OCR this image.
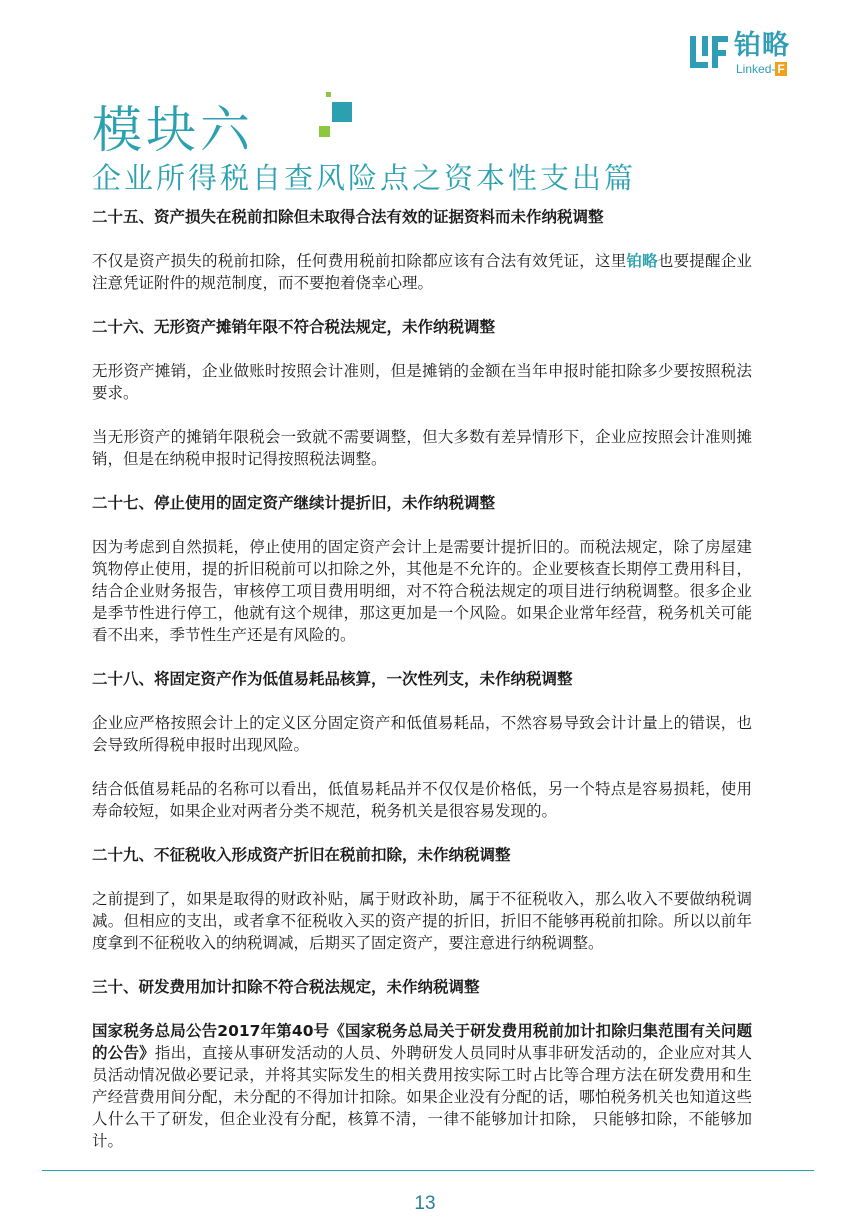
铂略
Linked- F
模块六
企业所得税自查风险点之资本性支出篇
二十五、资产损失在税前扣除但未取得合法有效的证据资料而未作纳税调整
不仅是资产损失的税前扣除，任何费用税前扣除都应该有合法有效凭证，这里铂略也要提醒企业注意凭证附件的规范制度，而不要抱着侥幸心理。
二十六、无形资产摊销年限不符合税法规定，未作纳税调整
无形资产摊销，企业做账时按照会计准则，但是摊销的金额在当年申报时能扣除多少要按照税法要求。
当无形资产的摊销年限税会一致就不需要调整，但大多数有差异情形下，企业应按照会计准则摊销，但是在纳税申报时记得按照税法调整。
二十七、停止使用的固定资产继续计提折旧，未作纳税调整
因为考虑到自然损耗，停止使用的固定资产会计上是需要计提折旧的。而税法规定，除了房屋建筑物停止使用，提的折旧税前可以扣除之外，其他是不允许的。企业要核查长期停工费用科目，结合企业财务报告，审核停工项目费用明细，对不符合税法规定的项目进行纳税调整。很多企业是季节性进行停工，他就有这个规律，那这更加是一个风险。如果企业常年经营，税务机关可能看不出来，季节性生产还是有风险的。
二十八、将固定资产作为低值易耗品核算，一次性列支，未作纳税调整
企业应严格按照会计上的定义区分固定资产和低值易耗品，不然容易导致会计计量上的错误，也会导致所得税申报时出现风险。
结合低值易耗品的名称可以看出，低值易耗品并不仅仅是价格低，另一个特点是容易损耗，使用寿命较短，如果企业对两者分类不规范，税务机关是很容易发现的。
二十九、不征税收入形成资产折旧在税前扣除，未作纳税调整
之前提到了，如果是取得的财政补贴，属于财政补助，属于不征税收入，那么收入不要做纳税调减。但相应的支出，或者拿不征税收入买的资产提的折旧，折旧不能够再税前扣除。所以以前年度拿到不征税收入的纳税调减，后期买了固定资产，要注意进行纳税调整。
三十、研发费用加计扣除不符合税法规定，未作纳税调整
国家税务总局公告2017年第40号《国家税务总局关于研发费用税前加计扣除归集范围有关问题的公告》指出，直接从事研发活动的人员、外聘研发人员同时从事非研发活动的，企业应对其人员活动情况做必要记录，并将其实际发生的相关费用按实际工时占比等合理方法在研发费用和生产经营费用间分配，未分配的不得加计扣除。如果企业没有分配的话，哪怕税务机关也知道这些人什么干了研发，但企业没有分配，核算不清，一律不能够加计扣除， 只能够扣除，不能够加计。
13
